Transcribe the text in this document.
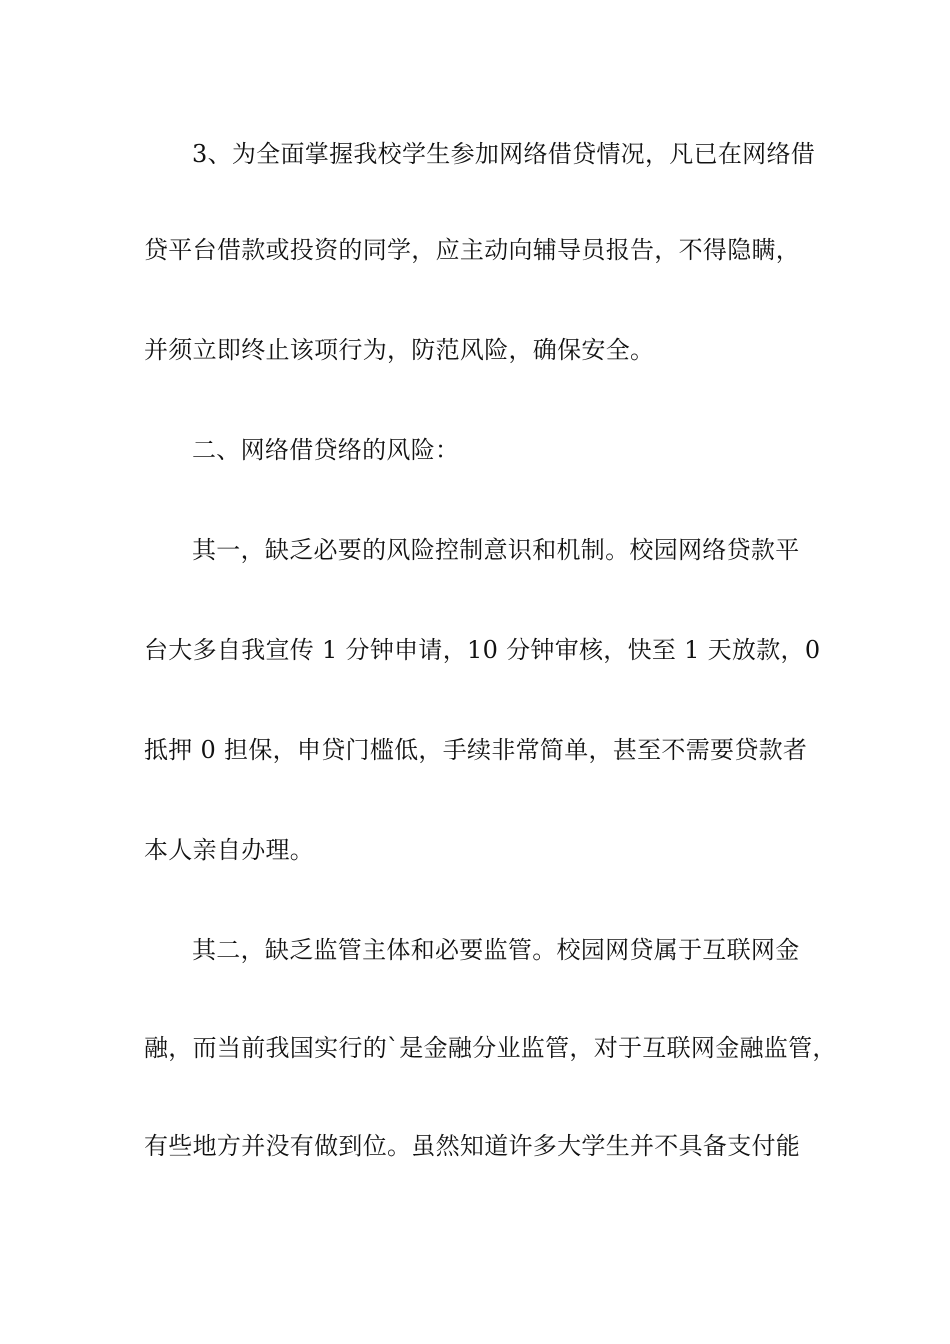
3、为全面掌握我校学生参加网络借贷情况，凡已在网络借
贷平台借款或投资的同学，应主动向辅导员报告，不得隐瞒，
并须立即终止该项行为，防范风险，确保安全。
二、网络借贷络的风险：
其一，缺乏必要的风险控制意识和机制。校园网络贷款平
台大多自我宣传 1 分钟申请，10 分钟审核，快至 1 天放款，0
抵押 0 担保，申贷门槛低，手续非常简单，甚至不需要贷款者
本人亲自办理。
其二，缺乏监管主体和必要监管。校园网贷属于互联网金
融，而当前我国实行的`是金融分业监管，对于互联网金融监管，
有些地方并没有做到位。虽然知道许多大学生并不具备支付能
